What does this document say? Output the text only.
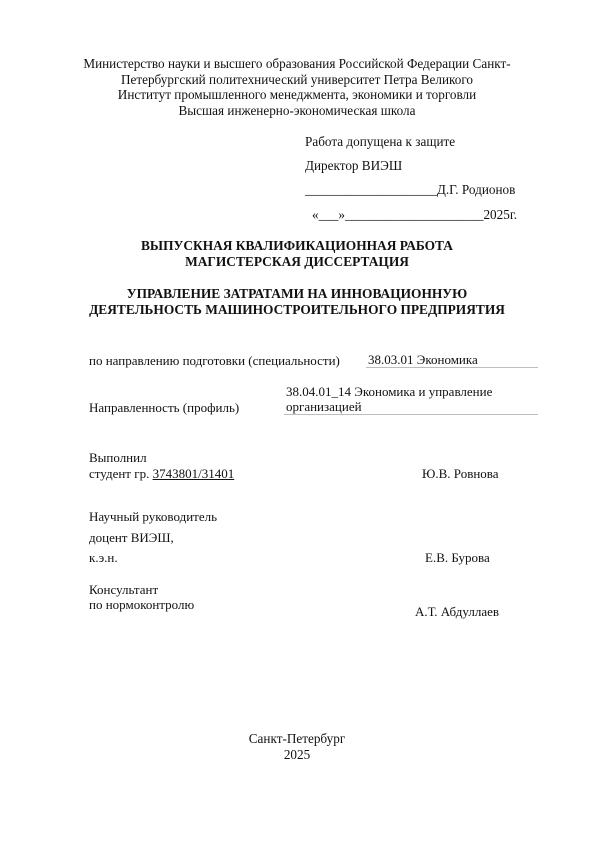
Министерство науки и высшего образования Российской Федерации Санкт-
Петербургский политехнический университет Петра Великого
Институт промышленного менеджмента, экономики и торговли
Высшая инженерно-экономическая школа
Работа допущена к защите
Директор ВИЭШ
____________________Д.Г. Родионов
«___»_____________________2025г.
ВЫПУСКНАЯ КВАЛИФИКАЦИОННАЯ РАБОТА
МАГИСТЕРСКАЯ ДИССЕРТАЦИЯ
УПРАВЛЕНИЕ ЗАТРАТАМИ НА ИННОВАЦИОННУЮ
ДЕЯТЕЛЬНОСТЬ МАШИНОСТРОИТЕЛЬНОГО ПРЕДПРИЯТИЯ
по направлению подготовки (специальности) 38.03.01 Экономика
Направленность (профиль)
38.04.01_14 Экономика и управление
организацией
Выполнил
студент гр. 3743801/31401	Ю.В. Ровнова
Научный руководитель
доцент ВИЭШ,
к.э.н.	Е.В. Бурова
Консультант
по нормоконтролю	А.Т. Абдуллаев
Санкт-Петербург
2025
